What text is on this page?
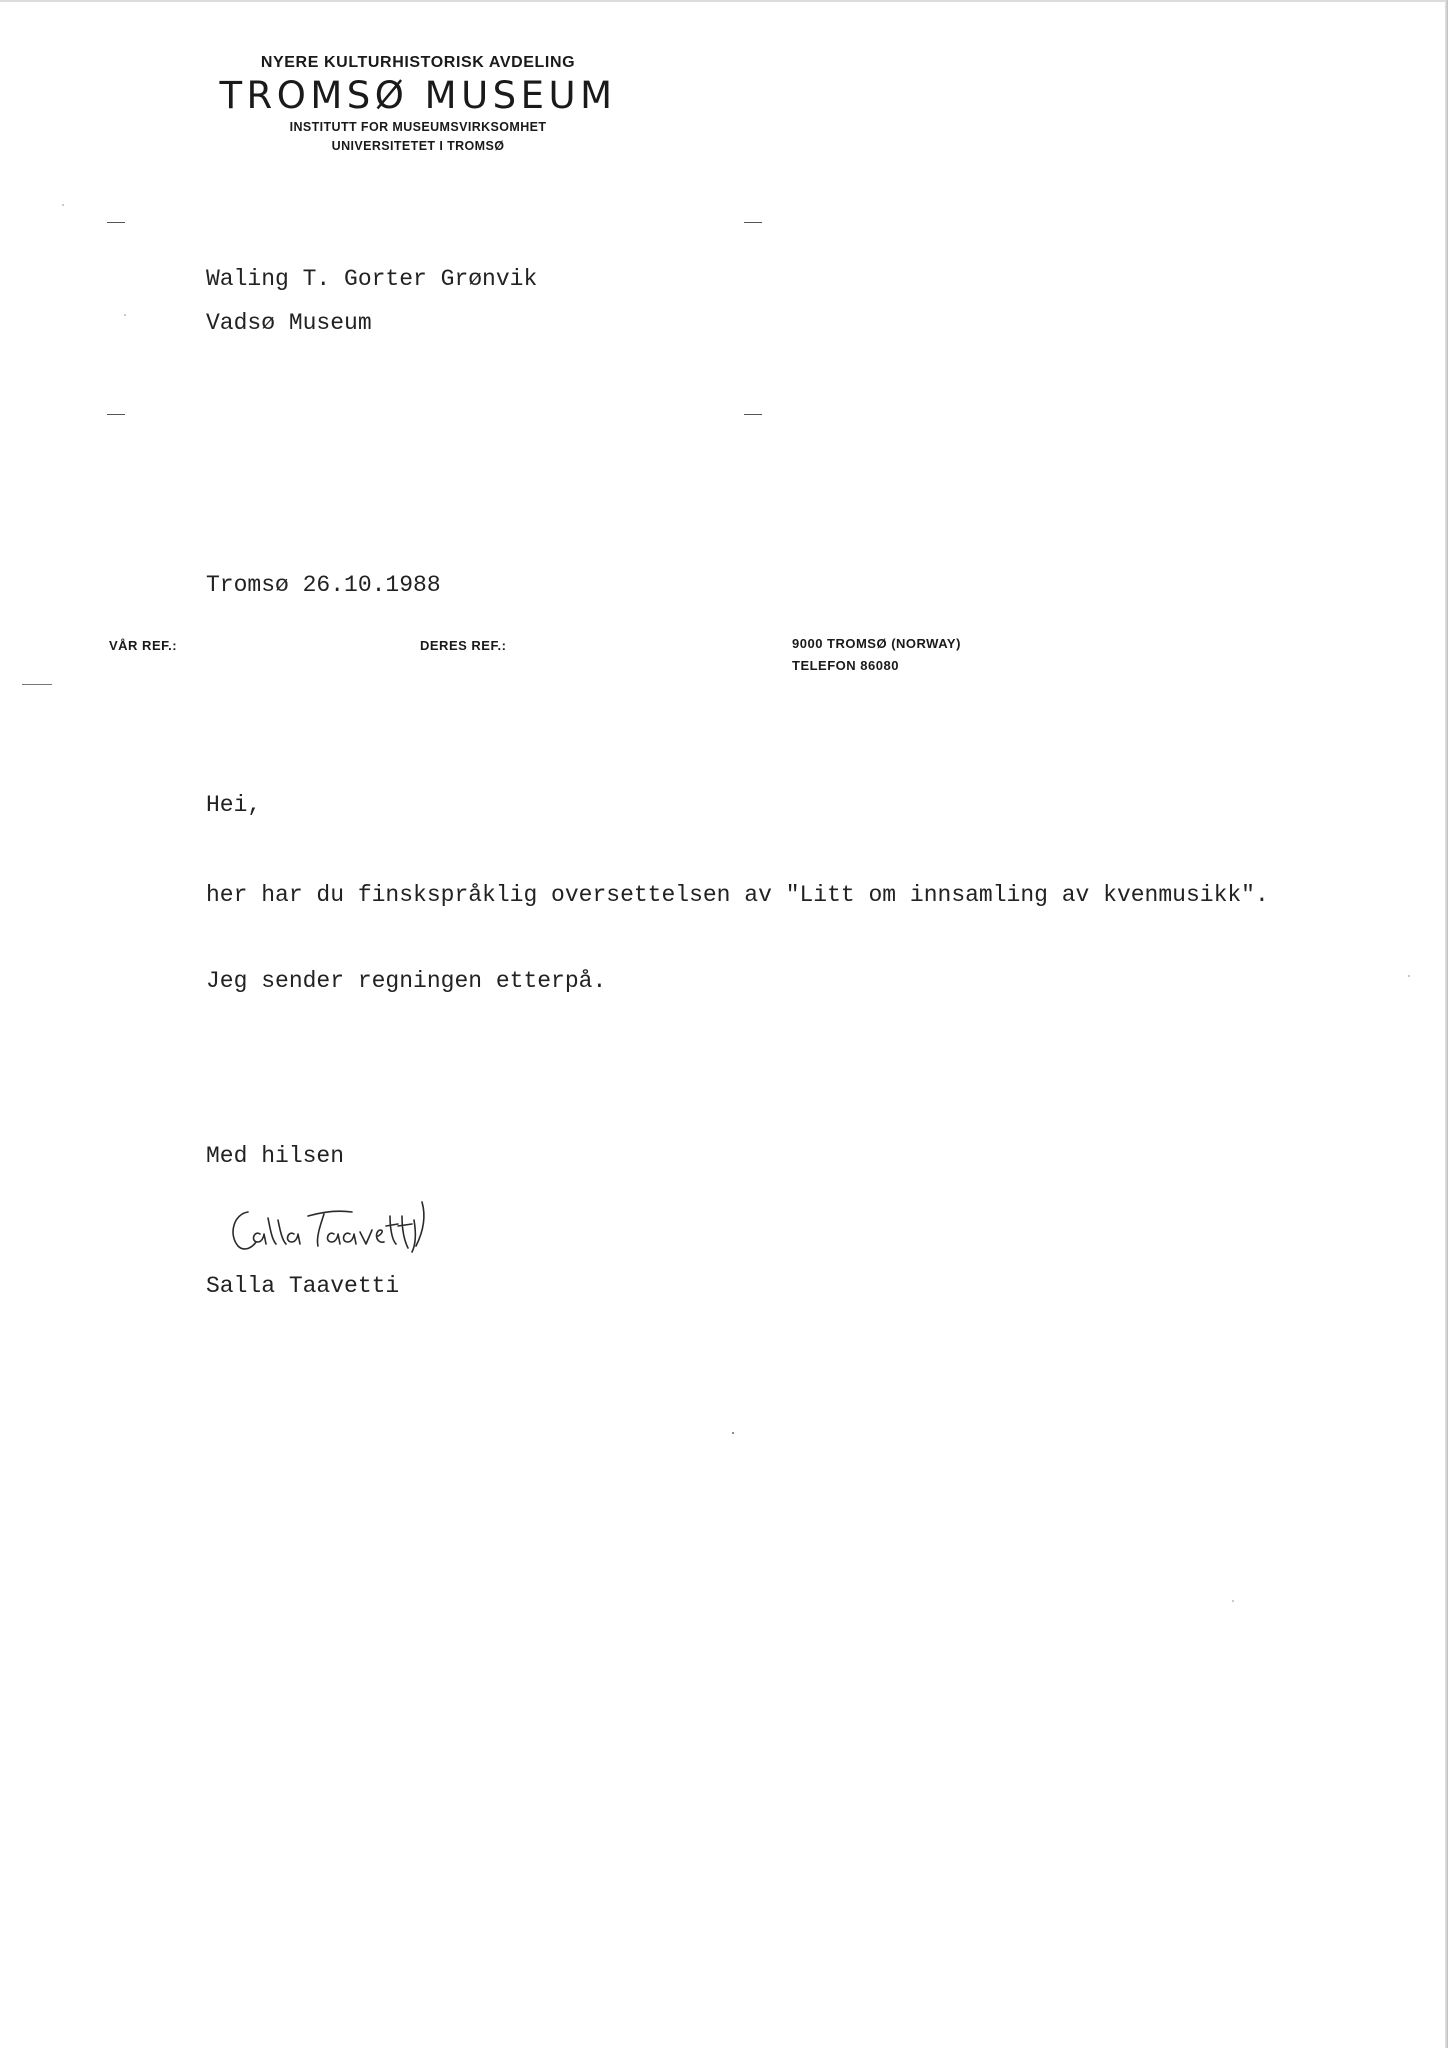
NYERE KULTURHISTORISK AVDELING
TROMSØ MUSEUM
INSTITUTT FOR MUSEUMSVIRKSOMHET
UNIVERSITETET I TROMSØ
Waling T. Gorter Grønvik
Vadsø Museum
Tromsø 26.10.1988
VÅR REF.:	DERES REF.:	9000 TROMSØ (NORWAY)
TELEFON 86080
Hei,
her har du finskspråklig oversettelsen av "Litt om innsamling av kvenmusikk".
Jeg sender regningen etterpå.
Med hilsen
Salla Taavetti
